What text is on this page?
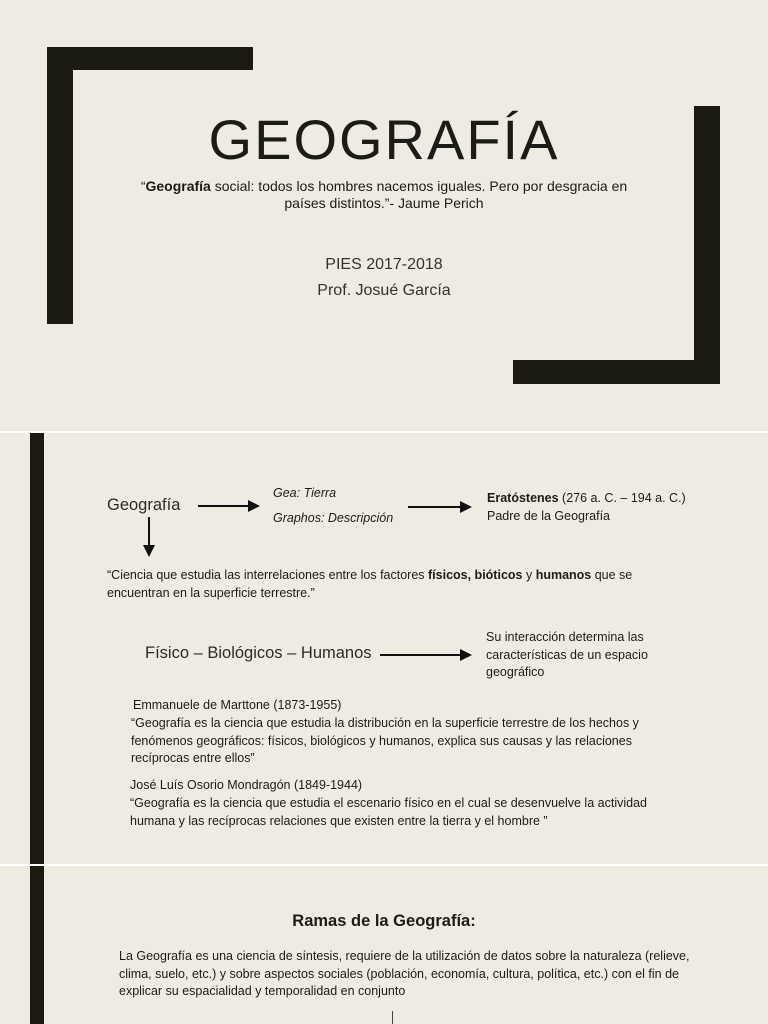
GEOGRAFÍA
“Geografía social: todos los hombres nacemos iguales. Pero por desgracia en países distintos.”- Jaume Perich
PIES 2017-2018
Prof. Josué García
Geografía
Gea: Tierra
Graphos: Descripción
Eratóstenes (276 a. C. – 194 a. C.)
Padre de la Geografía
“Ciencia que estudia las interrelaciones entre los factores físicos, bióticos y humanos que se encuentran en la superficie terrestre.”
Físico – Biológicos – Humanos
Su interacción determina las características de un espacio geográfico
Emmanuele de Marttone (1873-1955)
“Geografía es la ciencia que estudia la distribución en la superficie terrestre de los hechos y fenómenos geográficos: físicos, biológicos y humanos, explica sus causas y las relaciones recíprocas entre ellos”
José Luís Osorio Mondragón (1849-1944)
“Geografía es la ciencia que estudia el escenario físico en el cual se desenvuelve la actividad humana y las recíprocas relaciones que existen entre la tierra y el hombre ”
Ramas de la Geografía:
La Geografía es una ciencia de síntesis, requiere de la utilización de datos sobre la naturaleza (relieve, clima, suelo, etc.) y sobre aspectos sociales (población, economía, cultura, política, etc.) con el fin de explicar su espacialidad y temporalidad en conjunto
